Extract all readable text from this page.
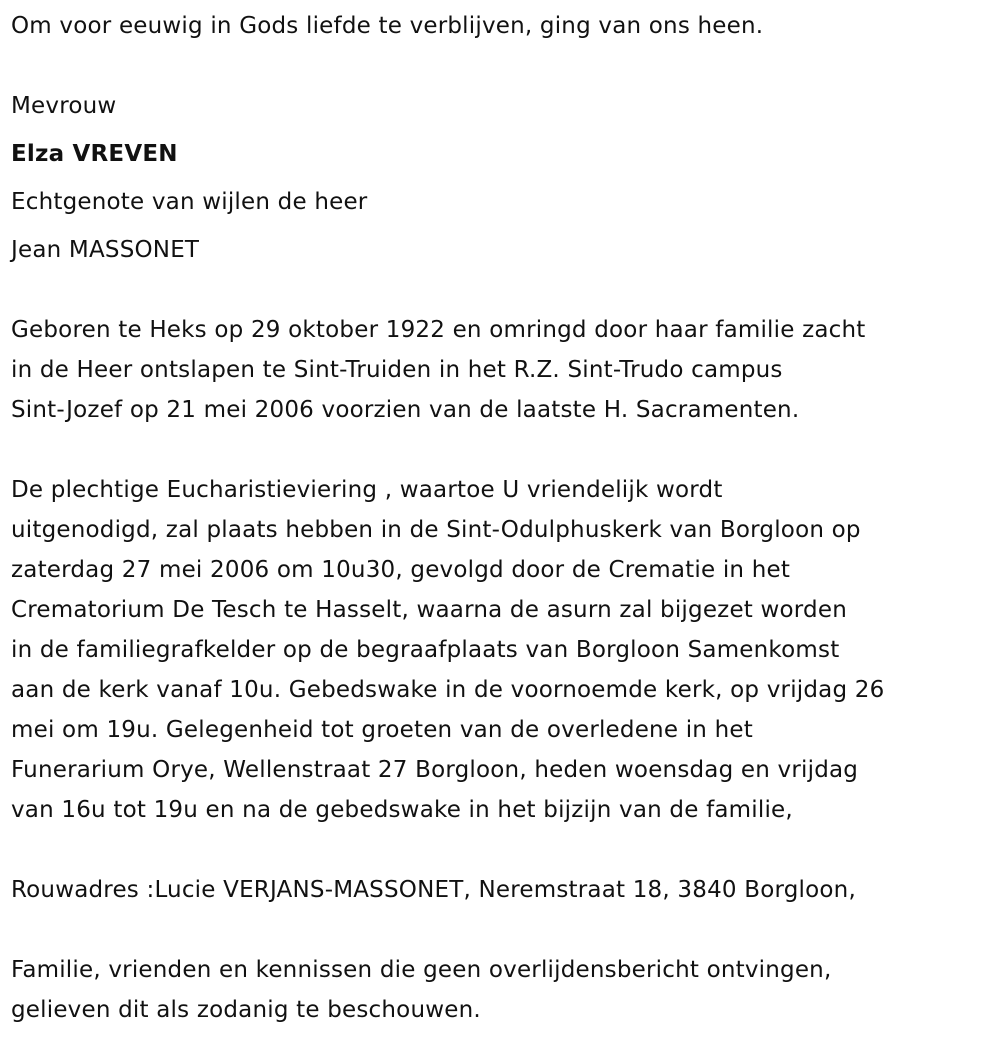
Om voor eeuwig in Gods liefde te verblijven, ging van ons heen.
Mevrouw
Elza VREVEN
Echtgenote van wijlen de heer
Jean MASSONET
Geboren te Heks op 29 oktober 1922 en omringd door haar familie zacht
in de Heer ontslapen te Sint-Truiden in het R.Z. Sint-Trudo campus
Sint-Jozef op 21 mei 2006 voorzien van de laatste H. Sacramenten.
De plechtige Eucharistieviering , waartoe U vriendelijk wordt
uitgenodigd, zal plaats hebben in de Sint-Odulphuskerk van Borgloon op
zaterdag 27 mei 2006 om 10u30, gevolgd door de Crematie in het
Crematorium De Tesch te Hasselt, waarna de asurn zal bijgezet worden
in de familiegrafkelder op de begraafplaats van Borgloon Samenkomst
aan de kerk vanaf 10u. Gebedswake in de voornoemde kerk, op vrijdag 26
mei om 19u. Gelegenheid tot groeten van de overledene in het
Funerarium Orye, Wellenstraat 27 Borgloon, heden woensdag en vrijdag
van 16u tot 19u en na de gebedswake in het bijzijn van de familie,
Rouwadres :Lucie VERJANS-MASSONET, Neremstraat 18, 3840 Borgloon,
Familie, vrienden en kennissen die geen overlijdensbericht ontvingen,
gelieven dit als zodanig te beschouwen.
